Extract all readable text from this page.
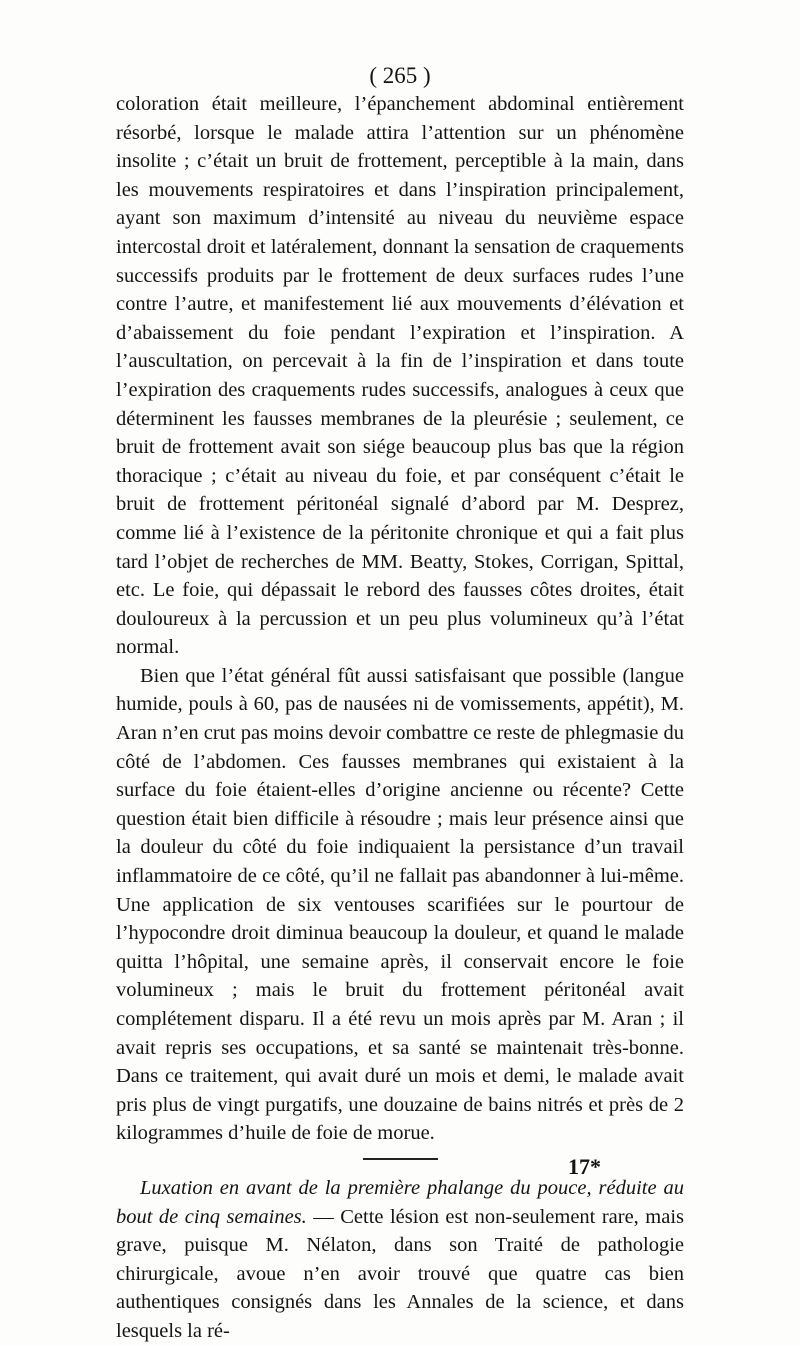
( 265 )

coloration était meilleure, l’épanchement abdominal entièrement résorbé, lorsque le malade attira l’attention sur un phénomène insolite ; c’était un bruit de frottement, perceptible à la main, dans les mouvements respiratoires et dans l’inspiration principalement, ayant son maximum d’intensité au niveau du neuvième espace intercostal droit et latéralement, donnant la sensation de craquements successifs produits par le frottement de deux surfaces rudes l’une contre l’autre, et manifestement lié aux mouvements d’élévation et d’abaissement du foie pendant l’expiration et l’inspiration. A l’auscultation, on percevait à la fin de l’inspiration et dans toute l’expiration des craquements rudes successifs, analogues à ceux que déterminent les fausses membranes de la pleurésie ; seulement, ce bruit de frottement avait son siége beaucoup plus bas que la région thoracique ; c’était au niveau du foie, et par conséquent c’était le bruit de frottement péritonéal signalé d’abord par M. Desprez, comme lié à l’existence de la péritonite chronique et qui a fait plus tard l’objet de recherches de MM. Beatty, Stokes, Corrigan, Spittal, etc. Le foie, qui dépassait le rebord des fausses côtes droites, était douloureux à la percussion et un peu plus volumineux qu’à l’état normal.

Bien que l’état général fût aussi satisfaisant que possible (langue humide, pouls à 60, pas de nausées ni de vomissements, appétit), M. Aran n’en crut pas moins devoir combattre ce reste de phlegmasie du côté de l’abdomen. Ces fausses membranes qui existaient à la surface du foie étaient-elles d’origine ancienne ou récente? Cette question était bien difficile à résoudre ; mais leur présence ainsi que la douleur du côté du foie indiquaient la persistance d’un travail inflammatoire de ce côté, qu’il ne fallait pas abandonner à lui-même. Une application de six ventouses scarifiées sur le pourtour de l’hypocondre droit diminua beaucoup la douleur, et quand le malade quitta l’hôpital, une semaine après, il conservait encore le foie volumineux ; mais le bruit du frottement péritonéal avait complétement disparu. Il a été revu un mois après par M. Aran ; il avait repris ses occupations, et sa santé se maintenait très-bonne. Dans ce traitement, qui avait duré un mois et demi, le malade avait pris plus de vingt purgatifs, une douzaine de bains nitrés et près de 2 kilogrammes d’huile de foie de morue.

Luxation en avant de la première phalange du pouce, réduite au bout de cinq semaines. — Cette lésion est non-seulement rare, mais grave, puisque M. Nélaton, dans son Traité de pathologie chirurgicale, avoue n’en avoir trouvé que quatre cas bien authentiques consignés dans les Annales de la science, et dans lesquels la ré-

17*
